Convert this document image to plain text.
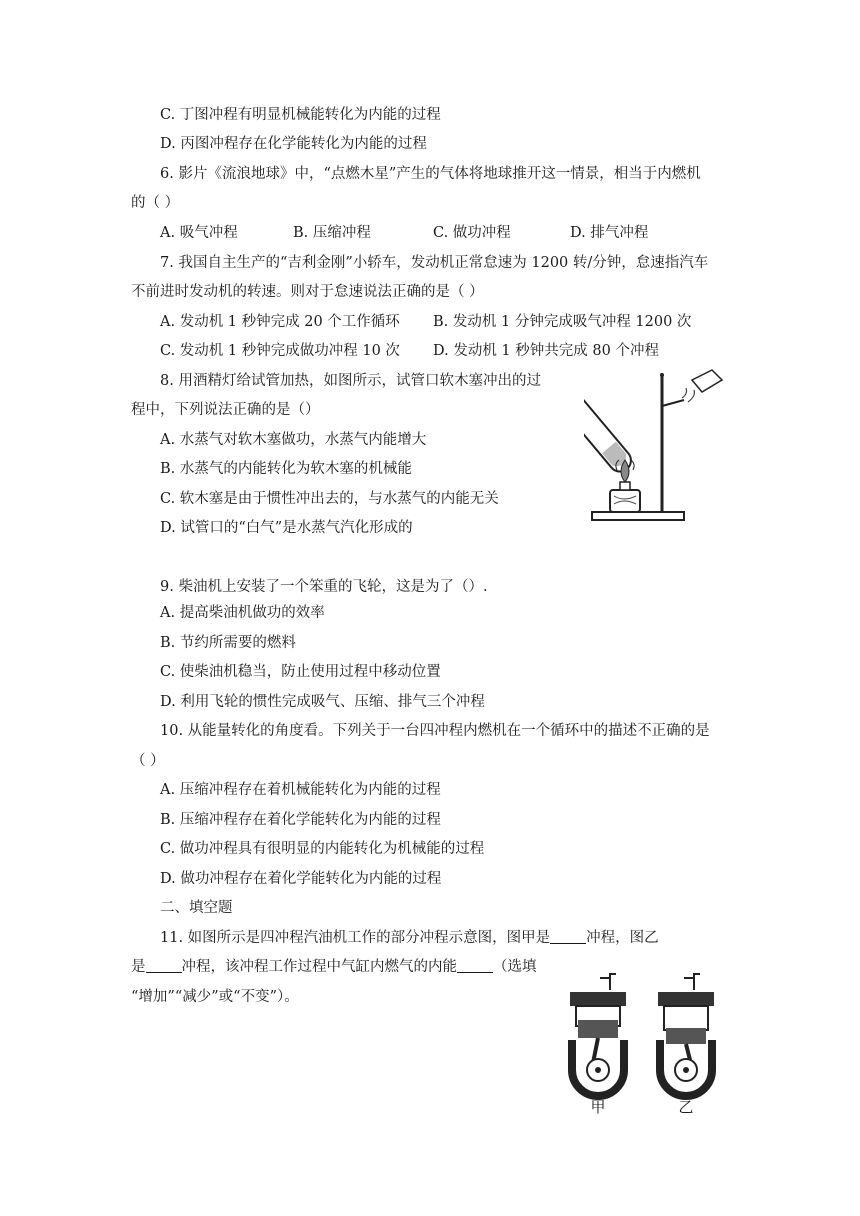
C. 丁图冲程有明显机械能转化为内能的过程
D. 丙图冲程存在化学能转化为内能的过程
6. 影片《流浪地球》中，“点燃木星”产生的气体将地球推开这一情景，相当于内燃机
的（ ）
A. 吸气冲程	B. 压缩冲程	C. 做功冲程	D. 排气冲程
7. 我国自主生产的“吉利金刚”小轿车，发动机正常怠速为 1200 转/分钟，怠速指汽车
不前进时发动机的转速。则对于怠速说法正确的是（ ）
A. 发动机 1 秒钟完成 20 个工作循环 B. 发动机 1 分钟完成吸气冲程 1200 次
C. 发动机 1 秒钟完成做功冲程 10 次 D. 发动机 1 秒钟共完成 80 个冲程
8. 用酒精灯给试管加热，如图所示，试管口软木塞冲出的过
程中，下列说法正确的是（）
A. 水蒸气对软木塞做功，水蒸气内能增大
B. 水蒸气的内能转化为软木塞的机械能
C. 软木塞是由于惯性冲出去的，与水蒸气的内能无关
D. 试管口的“白气”是水蒸气汽化形成的
9. 柴油机上安装了一个笨重的飞轮，这是为了（）.
A. 提高柴油机做功的效率
B. 节约所需要的燃料
C. 使柴油机稳当，防止使用过程中移动位置
D. 利用飞轮的惯性完成吸气、压缩、排气三个冲程
10. 从能量转化的角度看。下列关于一台四冲程内燃机在一个循环中的描述不正确的是
（ ）
A. 压缩冲程存在着机械能转化为内能的过程
B. 压缩冲程存在着化学能转化为内能的过程
C. 做功冲程具有很明显的内能转化为机械能的过程
D. 做功冲程存在着化学能转化为内能的过程
二、填空题
11. 如图所示是四冲程汽油机工作的部分冲程示意图，图甲是 冲程，图乙
是 冲程，该冲程工作过程中气缸内燃气的内能 （选填
“增加”“减少”或“不变”）。
甲	乙
